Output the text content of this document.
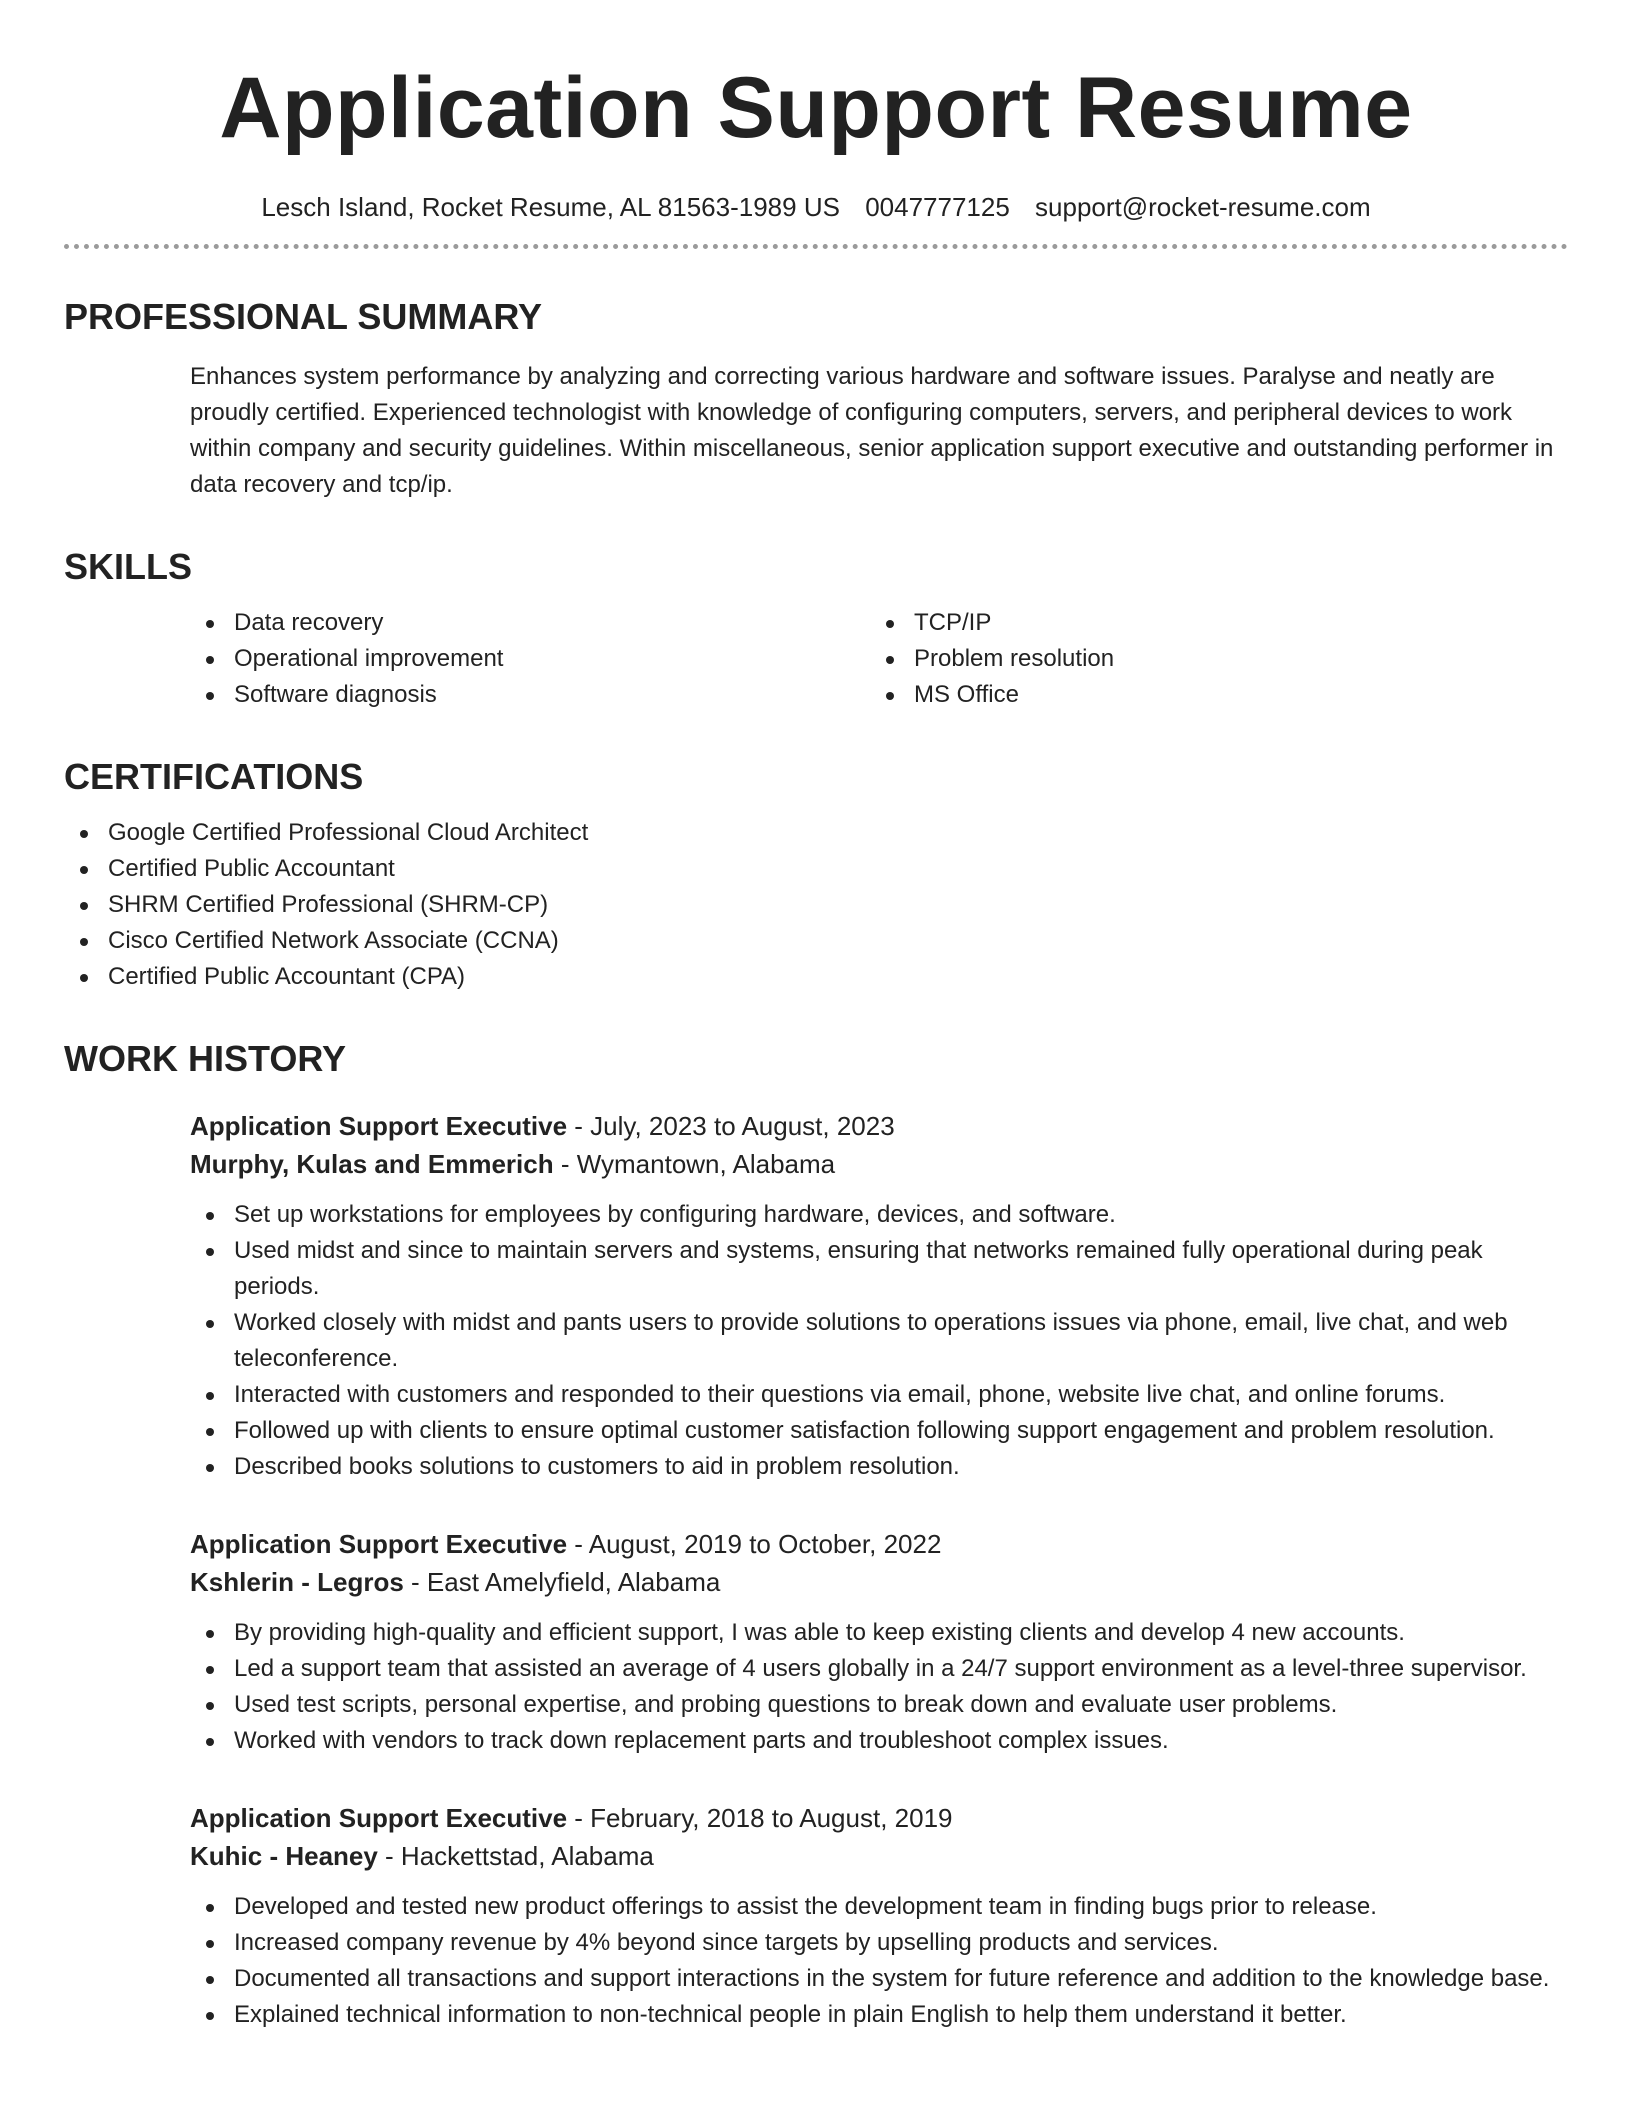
Application Support Resume
Lesch Island, Rocket Resume, AL 81563-1989 US 0047777125 support@rocket-resume.com
PROFESSIONAL SUMMARY
Enhances system performance by analyzing and correcting various hardware and software issues. Paralyse and neatly are proudly certified. Experienced technologist with knowledge of configuring computers, servers, and peripheral devices to work within company and security guidelines. Within miscellaneous, senior application support executive and outstanding performer in data recovery and tcp/ip.
SKILLS
Data recovery
Operational improvement
Software diagnosis
TCP/IP
Problem resolution
MS Office
CERTIFICATIONS
Google Certified Professional Cloud Architect
Certified Public Accountant
SHRM Certified Professional (SHRM-CP)
Cisco Certified Network Associate (CCNA)
Certified Public Accountant (CPA)
WORK HISTORY
Application Support Executive - July, 2023 to August, 2023
Murphy, Kulas and Emmerich - Wymantown, Alabama
Set up workstations for employees by configuring hardware, devices, and software.
Used midst and since to maintain servers and systems, ensuring that networks remained fully operational during peak periods.
Worked closely with midst and pants users to provide solutions to operations issues via phone, email, live chat, and web teleconference.
Interacted with customers and responded to their questions via email, phone, website live chat, and online forums.
Followed up with clients to ensure optimal customer satisfaction following support engagement and problem resolution.
Described books solutions to customers to aid in problem resolution.
Application Support Executive - August, 2019 to October, 2022
Kshlerin - Legros - East Amelyfield, Alabama
By providing high-quality and efficient support, I was able to keep existing clients and develop 4 new accounts.
Led a support team that assisted an average of 4 users globally in a 24/7 support environment as a level-three supervisor.
Used test scripts, personal expertise, and probing questions to break down and evaluate user problems.
Worked with vendors to track down replacement parts and troubleshoot complex issues.
Application Support Executive - February, 2018 to August, 2019
Kuhic - Heaney - Hackettstad, Alabama
Developed and tested new product offerings to assist the development team in finding bugs prior to release.
Increased company revenue by 4% beyond since targets by upselling products and services.
Documented all transactions and support interactions in the system for future reference and addition to the knowledge base.
Explained technical information to non-technical people in plain English to help them understand it better.
